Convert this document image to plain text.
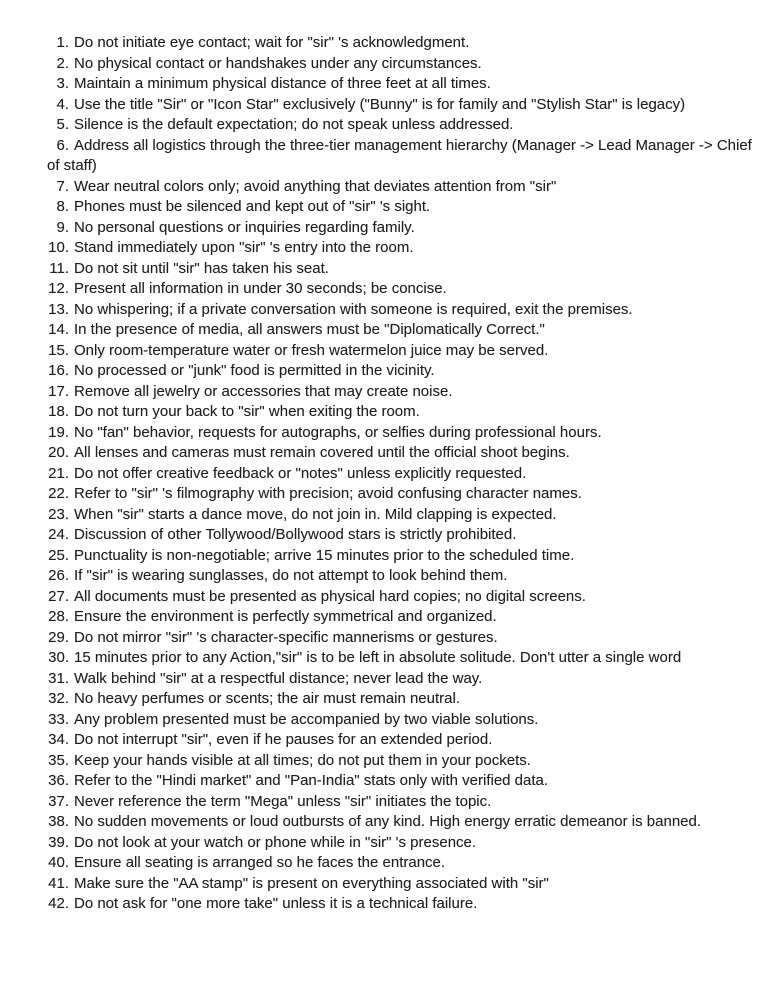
1. Do not initiate eye contact; wait for "sir" 's acknowledgment.

2. No physical contact or handshakes under any circumstances.

3. Maintain a minimum physical distance of three feet at all times.

4. Use the title "Sir" or "Icon Star" exclusively ("Bunny" is for family and "Stylish Star" is legacy)

5. Silence is the default expectation; do not speak unless addressed.

6. Address all logistics through the three-tier management hierarchy (Manager -> Lead Manager -> Chief of staff)

7. Wear neutral colors only; avoid anything that deviates attention from "sir"

8. Phones must be silenced and kept out of "sir" 's sight.

9. No personal questions or inquiries regarding family.

10. Stand immediately upon "sir" 's entry into the room.

11. Do not sit until "sir" has taken his seat.

12. Present all information in under 30 seconds; be concise.

13. No whispering; if a private conversation with someone is required, exit the premises.

14. In the presence of media, all answers must be "Diplomatically Correct."

15. Only room-temperature water or fresh watermelon juice may be served.

16. No processed or "junk" food is permitted in the vicinity.

17. Remove all jewelry or accessories that may create noise.

18. Do not turn your back to "sir" when exiting the room.

19. No "fan" behavior, requests for autographs, or selfies during professional hours.

20. All lenses and cameras must remain covered until the official shoot begins.

21. Do not offer creative feedback or "notes" unless explicitly requested.

22. Refer to "sir" 's filmography with precision; avoid confusing character names.

23. When "sir" starts a dance move, do not join in. Mild clapping is expected.

24. Discussion of other Tollywood/Bollywood stars is strictly prohibited.

25. Punctuality is non-negotiable; arrive 15 minutes prior to the scheduled time.

26. If "sir" is wearing sunglasses, do not attempt to look behind them.

27. All documents must be presented as physical hard copies; no digital screens.

28. Ensure the environment is perfectly symmetrical and organized.

29. Do not mirror "sir" 's character-specific mannerisms or gestures.

30. 15 minutes prior to any Action,"sir" is to be left in absolute solitude. Don't utter a single word

31. Walk behind "sir" at a respectful distance; never lead the way.

32. No heavy perfumes or scents; the air must remain neutral.

33. Any problem presented must be accompanied by two viable solutions.

34. Do not interrupt "sir", even if he pauses for an extended period.

35. Keep your hands visible at all times; do not put them in your pockets.

36. Refer to the "Hindi market" and "Pan-India" stats only with verified data.

37. Never reference the term "Mega" unless "sir" initiates the topic.

38. No sudden movements or loud outbursts of any kind. High energy erratic demeanor is banned.

39. Do not look at your watch or phone while in "sir" 's presence.

40. Ensure all seating is arranged so he faces the entrance.

41. Make sure the "AA stamp" is present on everything associated with "sir"

42. Do not ask for "one more take" unless it is a technical failure.
